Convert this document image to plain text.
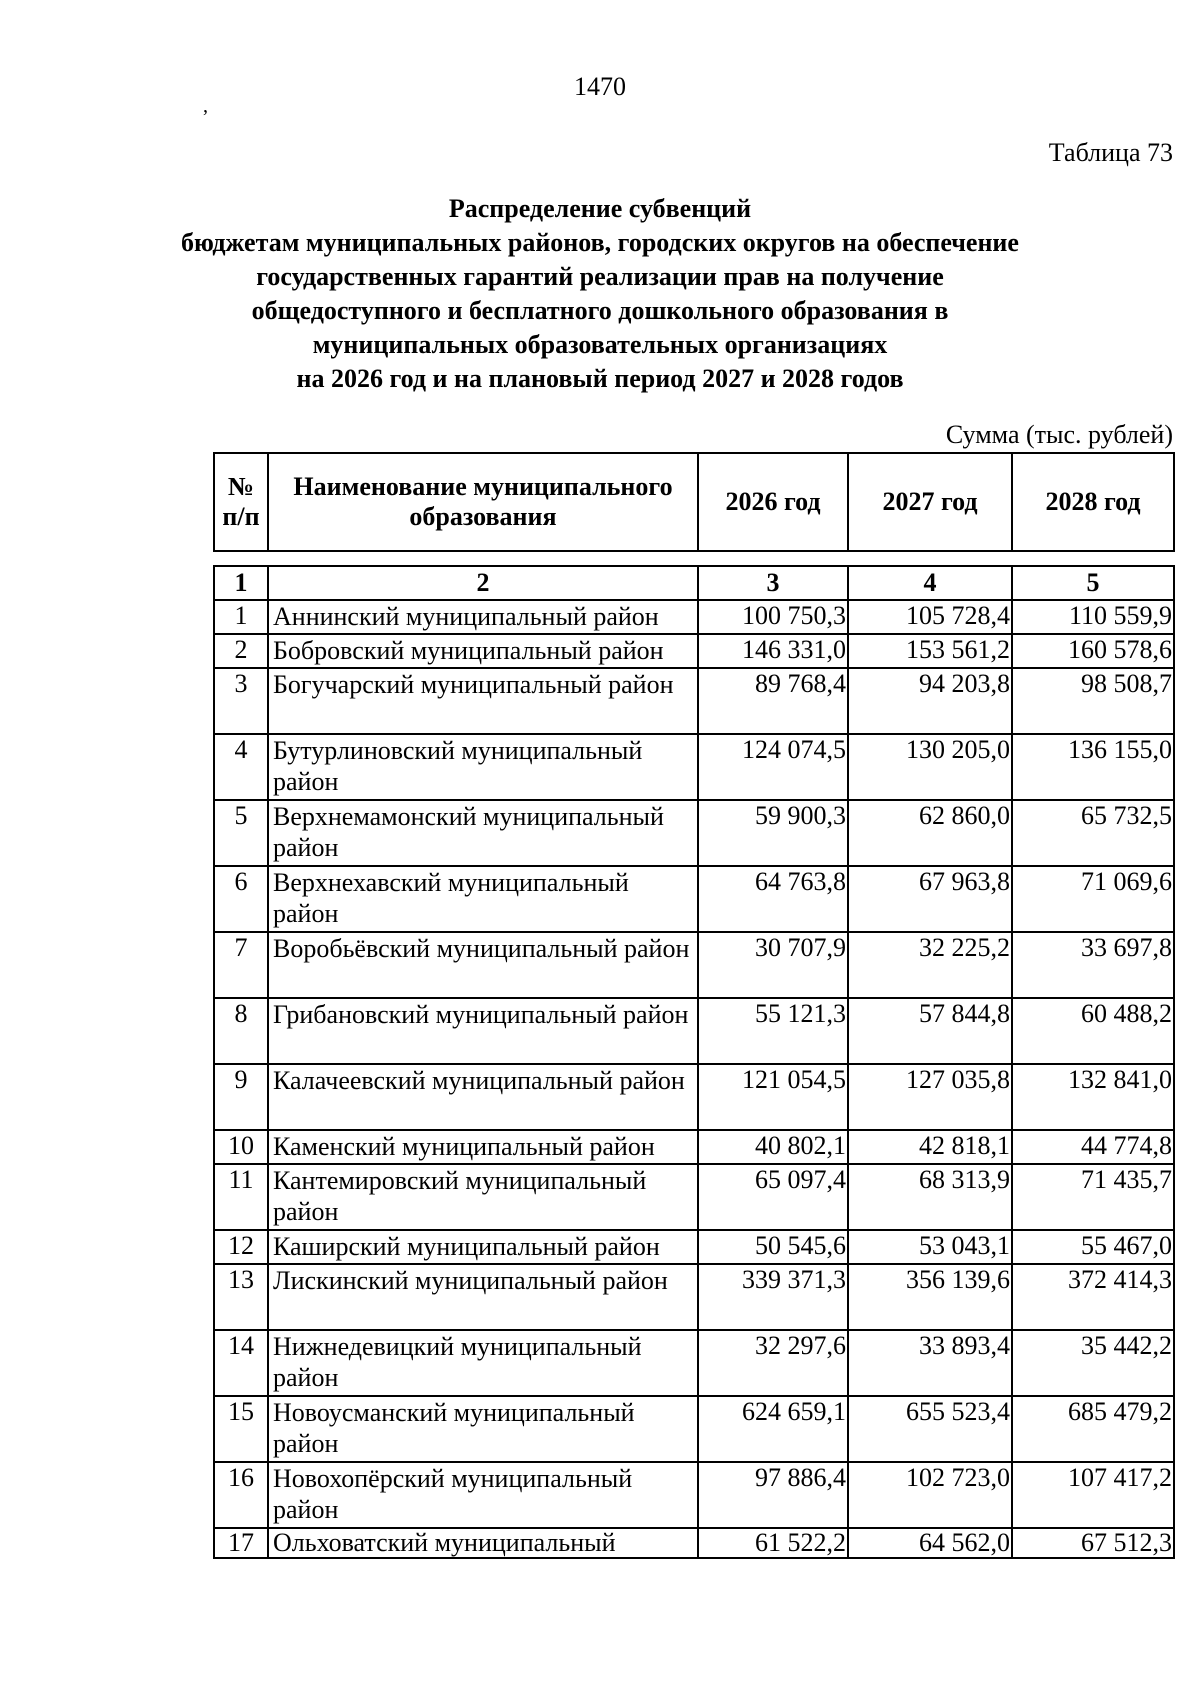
1470
,
Таблица 73
Распределение субвенций
бюджетам муниципальных районов, городских округов на обеспечение
государственных гарантий реализации прав на получение
общедоступного и бесплатного дошкольного образования в
муниципальных образовательных организациях
на 2026 год и на плановый период 2027 и 2028 годов
Сумма (тыс. рублей)
№ п/п	Наименование муниципального образования	2026 год	2027 год	2028 год
1	2	3	4	5
1	Аннинский муниципальный район	100 750,3	105 728,4	110 559,9
2	Бобровский муниципальный район	146 331,0	153 561,2	160 578,6
3	Богучарский муниципальный район	89 768,4	94 203,8	98 508,7
4	Бутурлиновский муниципальный район	124 074,5	130 205,0	136 155,0
5	Верхнемамонский муниципальный район	59 900,3	62 860,0	65 732,5
6	Верхнехавский муниципальный район	64 763,8	67 963,8	71 069,6
7	Воробьёвский муниципальный район	30 707,9	32 225,2	33 697,8
8	Грибановский муниципальный район	55 121,3	57 844,8	60 488,2
9	Калачеевский муниципальный район	121 054,5	127 035,8	132 841,0
10	Каменский муниципальный район	40 802,1	42 818,1	44 774,8
11	Кантемировский муниципальный район	65 097,4	68 313,9	71 435,7
12	Каширский муниципальный район	50 545,6	53 043,1	55 467,0
13	Лискинский муниципальный район	339 371,3	356 139,6	372 414,3
14	Нижнедевицкий муниципальный район	32 297,6	33 893,4	35 442,2
15	Новоусманский муниципальный район	624 659,1	655 523,4	685 479,2
16	Новохопёрский муниципальный район	97 886,4	102 723,0	107 417,2
17	Ольховатский муниципальный	61 522,2	64 562,0	67 512,3
